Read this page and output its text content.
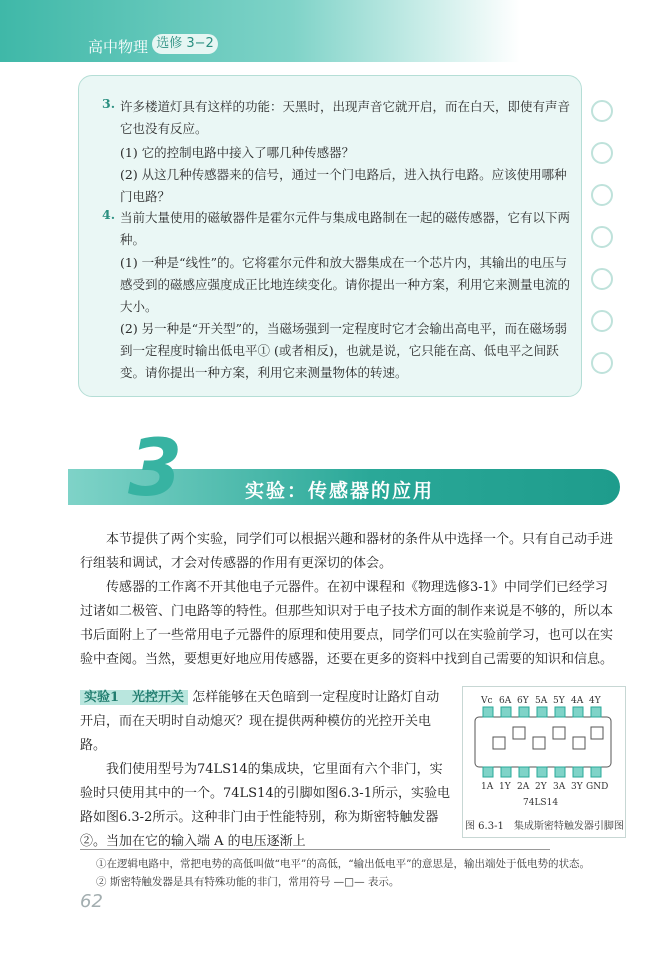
高中物理 选修 3−2
3. 许多楼道灯具有这样的功能：天黑时，出现声音它就开启，而在白天，即使有声音它也没有反应。
(1) 它的控制电路中接入了哪几种传感器？
(2) 从这几种传感器来的信号，通过一个门电路后，进入执行电路。应该使用哪种门电路？
4. 当前大量使用的磁敏器件是霍尔元件与集成电路制在一起的磁传感器，它有以下两种。
(1) 一种是“线性”的。它将霍尔元件和放大器集成在一个芯片内，其输出的电压与感受到的磁感应强度成正比地连续变化。请你提出一种方案，利用它来测量电流的大小。
(2) 另一种是“开关型”的，当磁场强到一定程度时它才会输出高电平，而在磁场弱到一定程度时输出低电平① (或者相反)，也就是说，它只能在高、低电平之间跃变。请你提出一种方案，利用它来测量物体的转速。
3	实验：传感器的应用
本节提供了两个实验，同学们可以根据兴趣和器材的条件从中选择一个。只有自己动手进行组装和调试，才会对传感器的作用有更深切的体会。
传感器的工作离不开其他电子元器件。在初中课程和《物理选修3-1》中同学们已经学习过诸如二极管、门电路等的特性。但那些知识对于电子技术方面的制作来说是不够的，所以本书后面附上了一些常用电子元器件的原理和使用要点，同学们可以在实验前学习，也可以在实验中查阅。当然，要想更好地应用传感器，还要在更多的资料中找到自己需要的知识和信息。
实验1　光控开关 怎样能够在天色暗到一定程度时让路灯自动开启，而在天明时自动熄灭？现在提供两种模仿的光控开关电路。
我们使用型号为74LS14的集成块，它里面有六个非门，实验时只使用其中的一个。74LS14的引脚如图6.3-1所示，实验电路如图6.3-2所示。这种非门由于性能特别，称为斯密特触发器②。当加在它的输入端 A 的电压逐渐上
Vc 6A 6Y 5A 5Y 4A 4Y
1A 1Y 2A 2Y 3A 3Y GND
74LS14
图 6.3-1　集成斯密特触发器引脚图
①在逻辑电路中，常把电势的高低叫做“电平”的高低，“输出低电平”的意思是，输出端处于低电势的状态。
② 斯密特触发器是具有特殊功能的非门，常用符号 —□— 表示。
62
